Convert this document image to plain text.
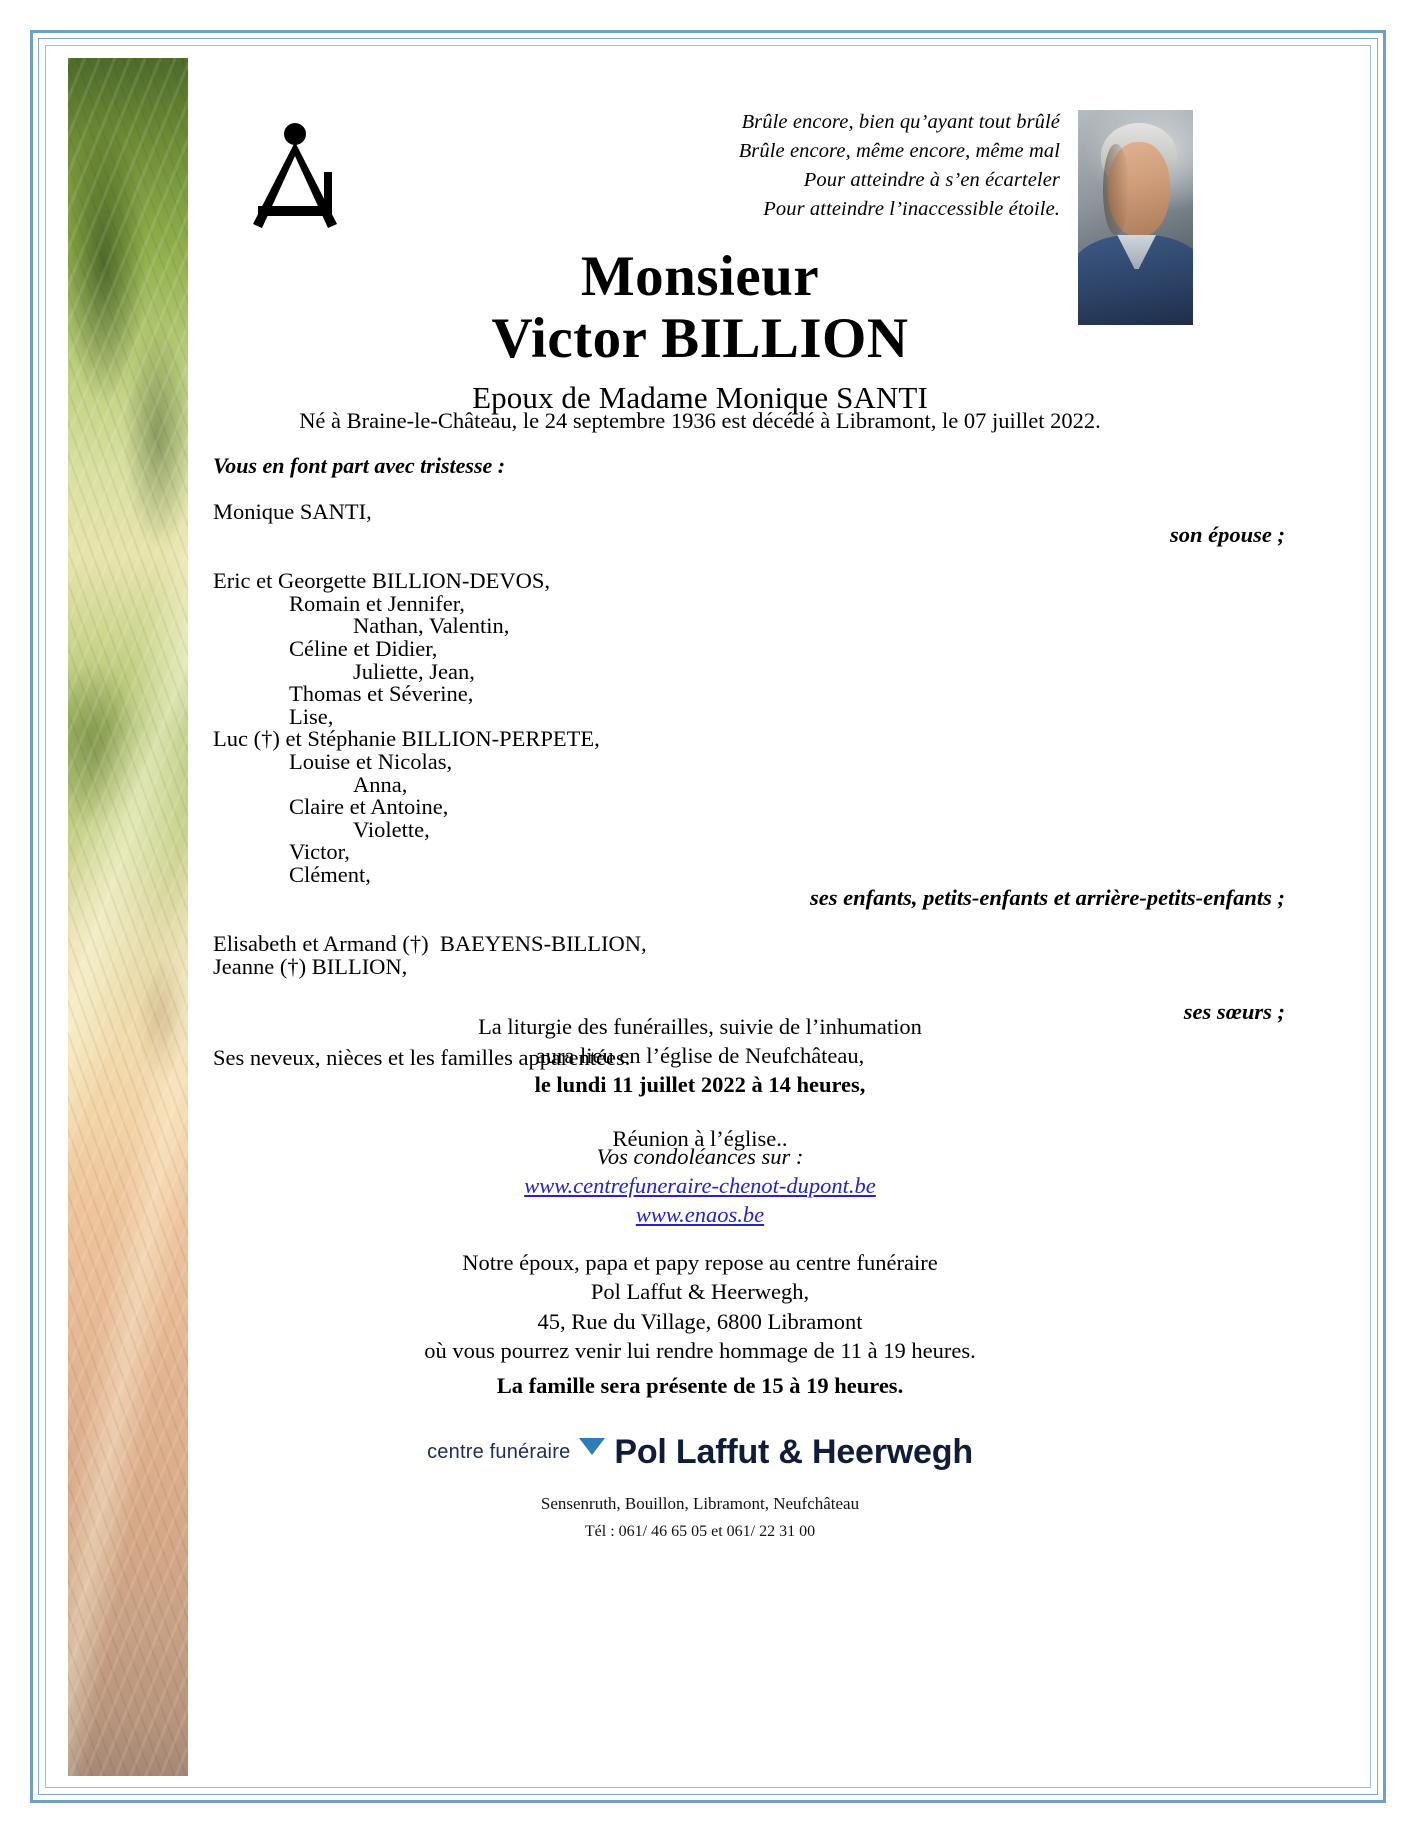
Brûle encore, bien qu’ayant tout brûlé
Brûle encore, même encore, même mal
Pour atteindre à s’en écarteler
Pour atteindre l’inaccessible étoile.
Monsieur
Victor BILLION
Epoux de Madame Monique SANTI
Né à Braine-le-Château, le 24 septembre 1936 est décédé à Libramont, le 07 juillet 2022.
Vous en font part avec tristesse :
Monique SANTI,
son épouse ;
Eric et Georgette BILLION-DEVOS,
Romain et Jennifer,
Nathan, Valentin,
Céline et Didier,
Juliette, Jean,
Thomas et Séverine,
Lise,
Luc (†) et Stéphanie BILLION-PERPETE,
Louise et Nicolas,
Anna,
Claire et Antoine,
Violette,
Victor,
Clément,
ses enfants, petits-enfants et arrière-petits-enfants ;
Elisabeth et Armand (†)  BAEYENS-BILLION,
Jeanne (†) BILLION,
ses sœurs ;
Ses neveux, nièces et les familles apparentées.
La liturgie des funérailles, suivie de l’inhumation
aura lieu en l’église de Neufchâteau,
le lundi 11 juillet 2022 à 14 heures,
Réunion à l’église..
Vos condoléances sur :
www.centrefuneraire-chenot-dupont.be
www.enaos.be
Notre époux, papa et papy repose au centre funéraire
Pol Laffut & Heerwegh,
45, Rue du Village, 6800 Libramont
où vous pourrez venir lui rendre hommage de 11 à 19 heures.
La famille sera présente de 15 à 19 heures.
centre funéraire Pol Laffut & Heerwegh
Sensenruth, Bouillon, Libramont, Neufchâteau
Tél : 061/ 46 65 05 et 061/ 22 31 00
